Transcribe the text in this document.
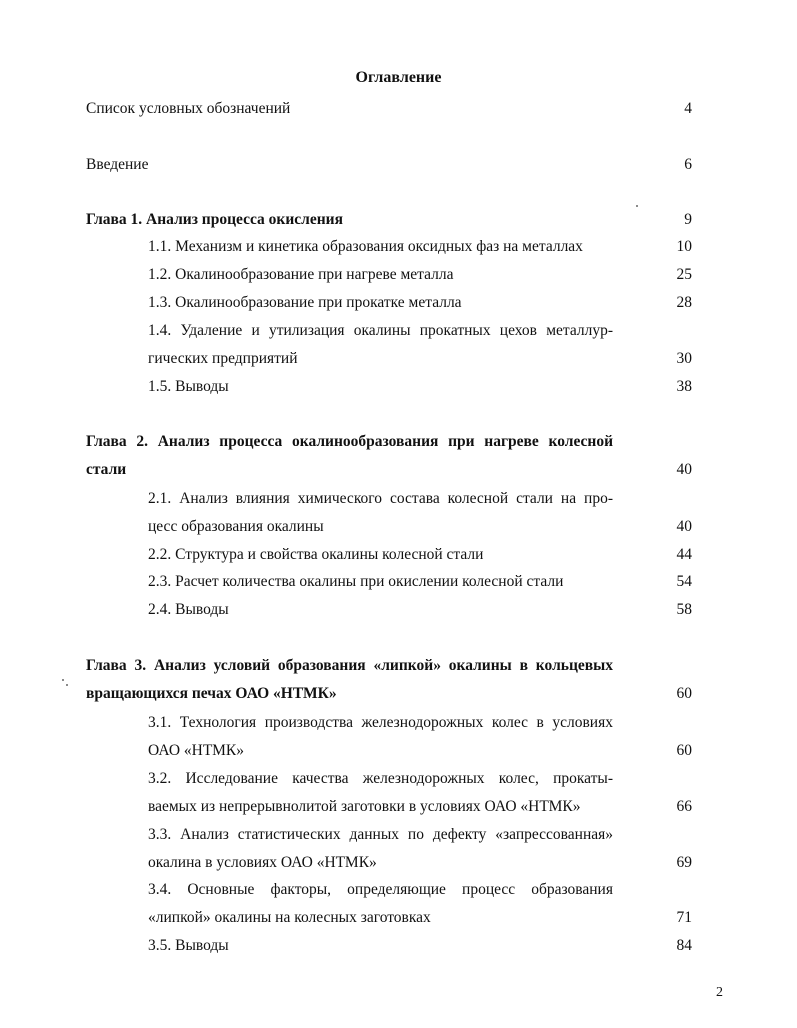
Оглавление
Список условных обозначений	4
Введение	6
Глава 1. Анализ процесса окисления	9
1.1. Механизм и кинетика образования оксидных фаз на металлах	10
1.2. Окалинообразование при нагреве металла	25
1.3. Окалинообразование при прокатке металла	28
1.4. Удаление и утилизация окалины прокатных цехов металлур-
гических предприятий	30
1.5. Выводы	38
Глава 2. Анализ процесса окалинообразования при нагреве колесной
стали	40
2.1. Анализ влияния химического состава колесной стали на про-
цесс образования окалины	40
2.2. Структура и свойства окалины колесной стали	44
2.3. Расчет количества окалины при окислении колесной стали	54
2.4. Выводы	58
Глава 3. Анализ условий образования «липкой» окалины в кольцевых
вращающихся печах ОАО «НТМК»	60
3.1. Технология производства железнодорожных колес в условиях
ОАО «НТМК»	60
3.2. Исследование качества железнодорожных колес, прокаты-
ваемых из непрерывнолитой заготовки в условиях ОАО «НТМК»	66
3.3. Анализ статистических данных по дефекту «запрессованная»
окалина в условиях ОАО «НТМК»	69
3.4. Основные факторы, определяющие процесс образования
«липкой» окалины на колесных заготовках	71
3.5. Выводы	84
2
